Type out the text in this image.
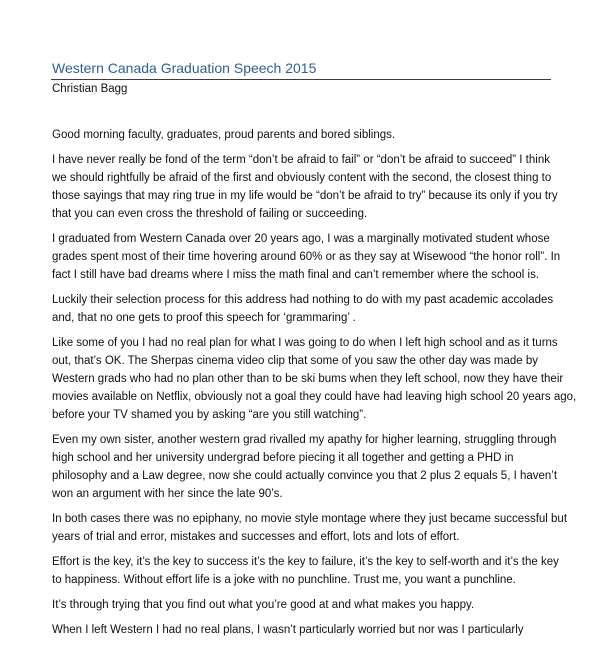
Western Canada Graduation Speech 2015
Christian Bagg

Good morning faculty, graduates, proud parents and bored siblings.

I have never really be fond of the term “don’t be afraid to fail” or “don’t be afraid to succeed” I think
we should rightfully be afraid of the first and obviously content with the second, the closest thing to
those sayings that may ring true in my life would be “don’t be afraid to try” because its only if you try
that you can even cross the threshold of failing or succeeding.

I graduated from Western Canada over 20 years ago, I was a marginally motivated student whose
grades spent most of their time hovering around 60% or as they say at Wisewood “the honor roll”. In
fact I still have bad dreams where I miss the math final and can’t remember where the school is.

Luckily their selection process for this address had nothing to do with my past academic accolades
and, that no one gets to proof this speech for ‘grammaring’ .

Like some of you I had no real plan for what I was going to do when I left high school and as it turns
out, that’s OK. The Sherpas cinema video clip that some of you saw the other day was made by
Western grads who had no plan other than to be ski bums when they left school, now they have their
movies available on Netflix, obviously not a goal they could have had leaving high school 20 years ago,
before your TV shamed you by asking “are you still watching”.

Even my own sister, another western grad rivalled my apathy for higher learning, struggling through
high school and her university undergrad before piecing it all together and getting a PHD in
philosophy and a Law degree, now she could actually convince you that 2 plus 2 equals 5, I haven’t
won an argument with her since the late 90’s.

In both cases there was no epiphany, no movie style montage where they just became successful but
years of trial and error, mistakes and successes and effort, lots and lots of effort.

Effort is the key, it’s the key to success it’s the key to failure, it’s the key to self-worth and it’s the key
to happiness. Without effort life is a joke with no punchline. Trust me, you want a punchline.

It’s through trying that you find out what you’re good at and what makes you happy.

When I left Western I had no real plans, I wasn’t particularly worried but nor was I particularly
